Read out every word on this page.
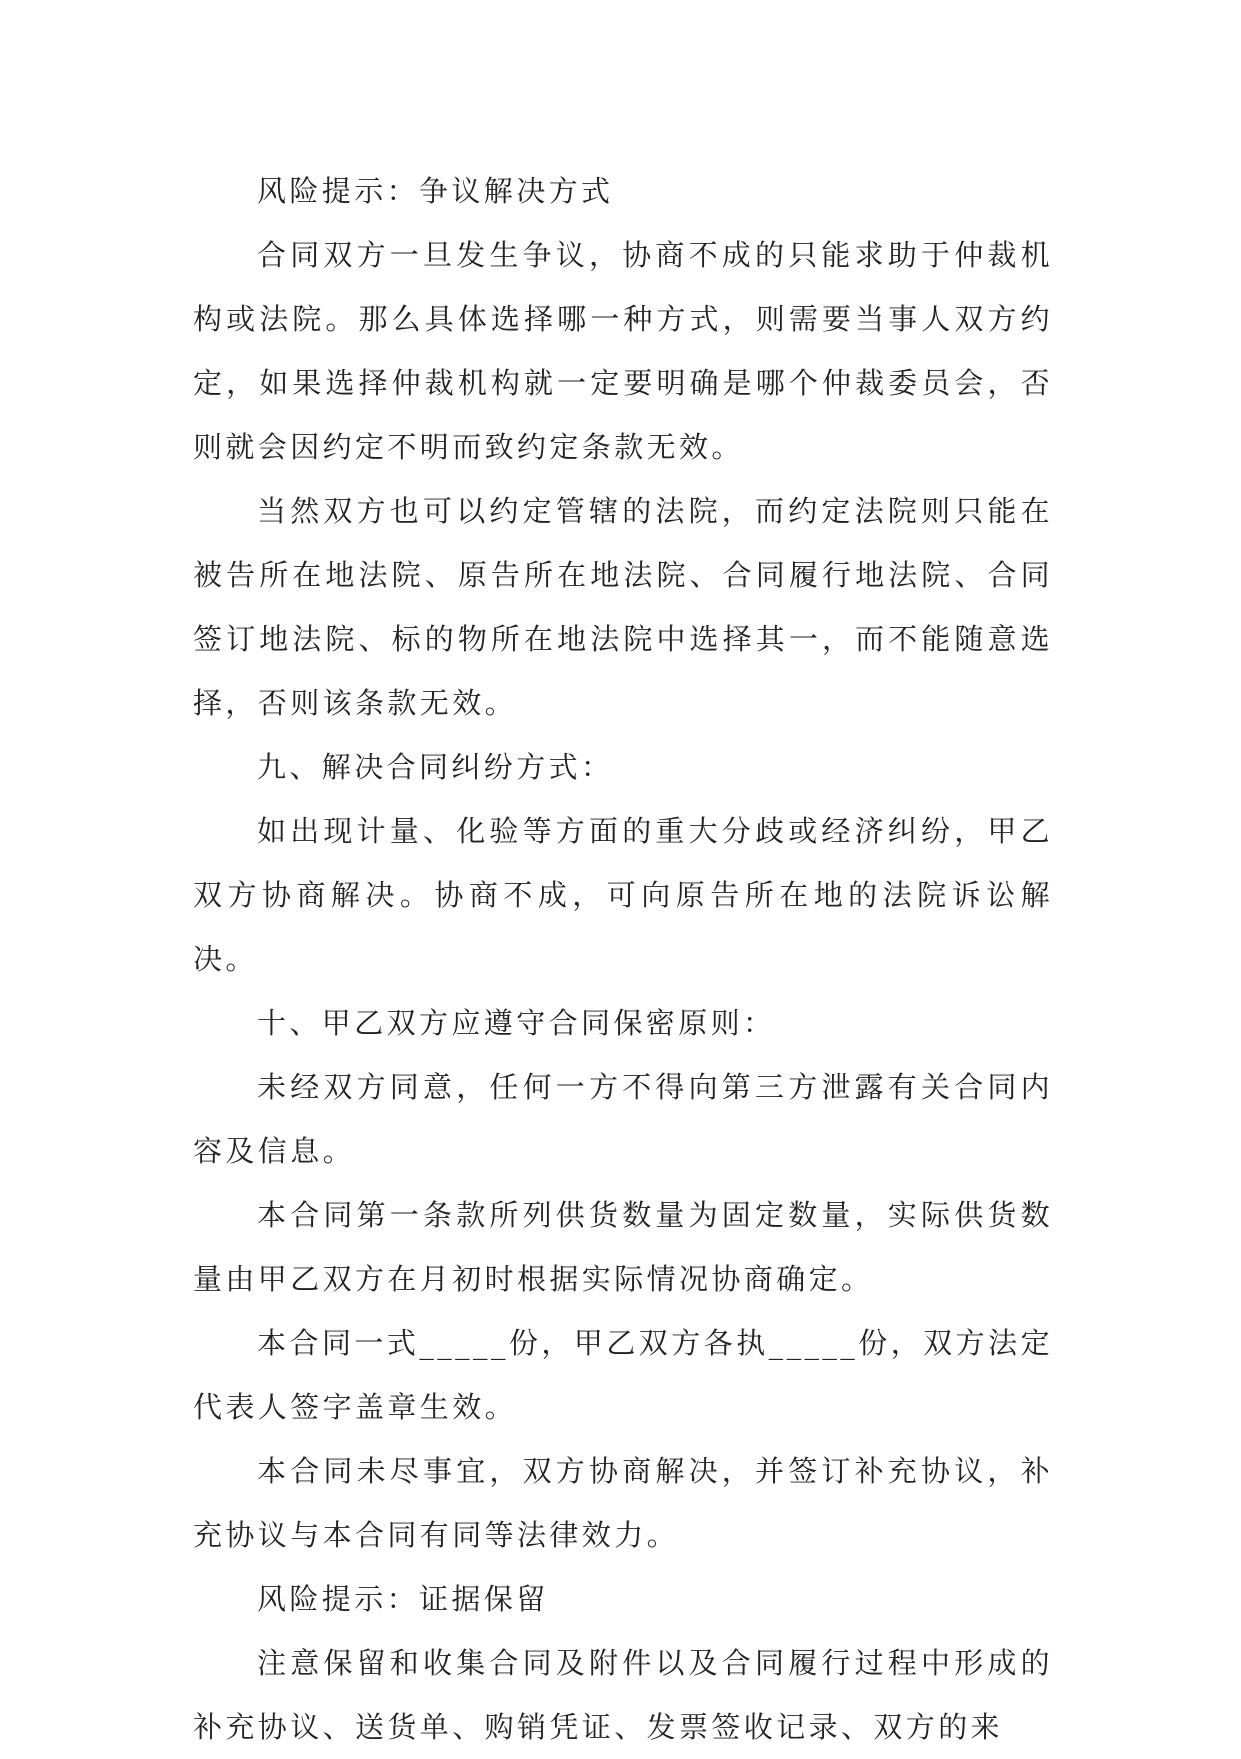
风险提示：争议解决方式

合同双方一旦发生争议，协商不成的只能求助于仲裁机构或法院。那么具体选择哪一种方式，则需要当事人双方约定，如果选择仲裁机构就一定要明确是哪个仲裁委员会，否则就会因约定不明而致约定条款无效。

当然双方也可以约定管辖的法院，而约定法院则只能在被告所在地法院、原告所在地法院、合同履行地法院、合同签订地法院、标的物所在地法院中选择其一，而不能随意选择，否则该条款无效。

九、解决合同纠纷方式：

如出现计量、化验等方面的重大分歧或经济纠纷，甲乙双方协商解决。协商不成，可向原告所在地的法院诉讼解决。

十、甲乙双方应遵守合同保密原则：

未经双方同意，任何一方不得向第三方泄露有关合同内容及信息。

本合同第一条款所列供货数量为固定数量，实际供货数量由甲乙双方在月初时根据实际情况协商确定。

本合同一式_____份，甲乙双方各执_____份，双方法定代表人签字盖章生效。

本合同未尽事宜，双方协商解决，并签订补充协议，补充协议与本合同有同等法律效力。

风险提示：证据保留

注意保留和收集合同及附件以及合同履行过程中形成的补充协议、送货单、购销凭证、发票签收记录、双方的来
